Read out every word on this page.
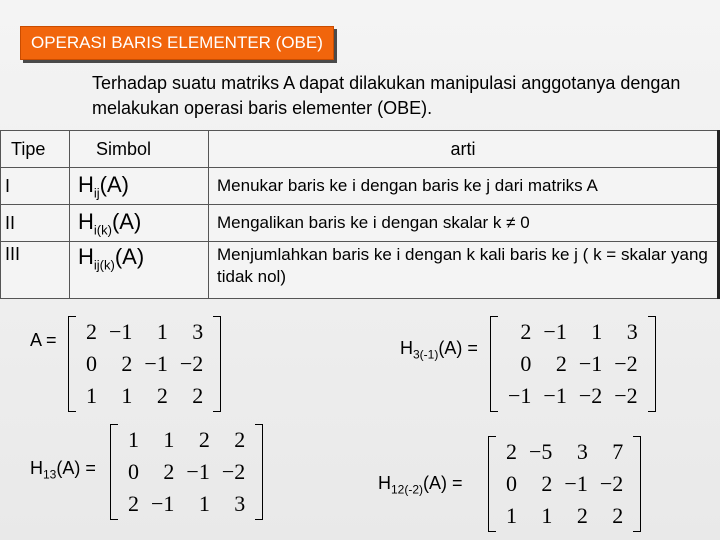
OPERASI BARIS ELEMENTER (OBE)
Terhadap suatu matriks A dapat dilakukan manipulasi anggotanya dengan melakukan operasi baris elementer (OBE).
Tipe	Simbol	arti
I	$H_{ij}(A)$	Menukar baris ke i dengan baris ke j dari matriks A
II	$H_{i(k)}(A)$	Mengalikan baris ke i dengan skalar k ≠ 0
III	$H_{ij(k)}(A)$	Menjumlahkan baris ke i dengan k kali baris ke j ( k = skalar yang tidak nol)
A = 2	−1	1	3
0	2	−1	−2
1	1	2	2
$H_{3(-1)}(A)$ =
2	−1	1	3
0	2	−1	−2
−1	−1	−2	−2
$H_{13}(A)$ =
1	1	2	2
0	2	−1	−2
2	−1	1	3
$H_{12(-2)}(A)$ =
2	−5	3	7
0	2	−1	−2
1	1	2	2
